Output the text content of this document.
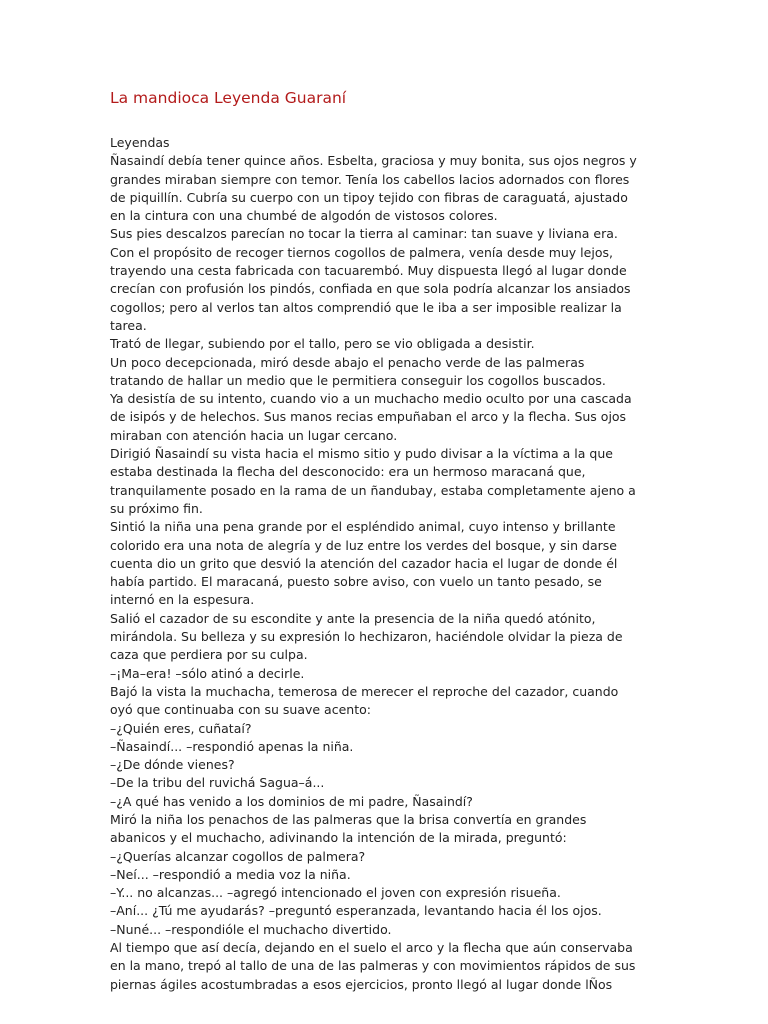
La mandioca Leyenda Guaraní
Leyendas
Ñasaindí debía tener quince años. Esbelta, graciosa y muy bonita, sus ojos negros y
grandes miraban siempre con temor. Tenía los cabellos lacios adornados con flores
de piquillín. Cubría su cuerpo con un tipoy tejido con fibras de caraguatá, ajustado
en la cintura con una chumbé de algodón de vistosos colores.
Sus pies descalzos parecían no tocar la tierra al caminar: tan suave y liviana era.
Con el propósito de recoger tiernos cogollos de palmera, venía desde muy lejos,
trayendo una cesta fabricada con tacuarembó. Muy dispuesta llegó al lugar donde
crecían con profusión los pindós, confiada en que sola podría alcanzar los ansiados
cogollos; pero al verlos tan altos comprendió que le iba a ser imposible realizar la
tarea.
Trató de llegar, subiendo por el tallo, pero se vio obligada a desistir.
Un poco decepcionada, miró desde abajo el penacho verde de las palmeras
tratando de hallar un medio que le permitiera conseguir los cogollos buscados.
Ya desistía de su intento, cuando vio a un muchacho medio oculto por una cascada
de isipós y de helechos. Sus manos recias empuñaban el arco y la flecha. Sus ojos
miraban con atención hacia un lugar cercano.
Dirigió Ñasaindí su vista hacia el mismo sitio y pudo divisar a la víctima a la que
estaba destinada la flecha del desconocido: era un hermoso maracaná que,
tranquilamente posado en la rama de un ñandubay, estaba completamente ajeno a
su próximo fin.
Sintió la niña una pena grande por el espléndido animal, cuyo intenso y brillante
colorido era una nota de alegría y de luz entre los verdes del bosque, y sin darse
cuenta dio un grito que desvió la atención del cazador hacia el lugar de donde él
había partido. El maracaná, puesto sobre aviso, con vuelo un tanto pesado, se
internó en la espesura.
Salió el cazador de su escondite y ante la presencia de la niña quedó atónito,
mirándola. Su belleza y su expresión lo hechizaron, haciéndole olvidar la pieza de
caza que perdiera por su culpa.
–¡Ma–era! –sólo atinó a decirle.
Bajó la vista la muchacha, temerosa de merecer el reproche del cazador, cuando
oyó que continuaba con su suave acento:
–¿Quién eres, cuñataí?
–Ñasaindí... –respondió apenas la niña.
–¿De dónde vienes?
–De la tribu del ruvichá Sagua–á...
–¿A qué has venido a los dominios de mi padre, Ñasaindí?
Miró la niña los penachos de las palmeras que la brisa convertía en grandes
abanicos y el muchacho, adivinando la intención de la mirada, preguntó:
–¿Querías alcanzar cogollos de palmera?
–Neí... –respondió a media voz la niña.
–Y... no alcanzas... –agregó intencionado el joven con expresión risueña.
–Aní... ¿Tú me ayudarás? –preguntó esperanzada, levantando hacia él los ojos.
–Nuné... –respondióle el muchacho divertido.
Al tiempo que así decía, dejando en el suelo el arco y la flecha que aún conservaba
en la mano, trepó al tallo de una de las palmeras y con movimientos rápidos de sus
piernas ágiles acostumbradas a esos ejercicios, pronto llegó al lugar donde lÑos
